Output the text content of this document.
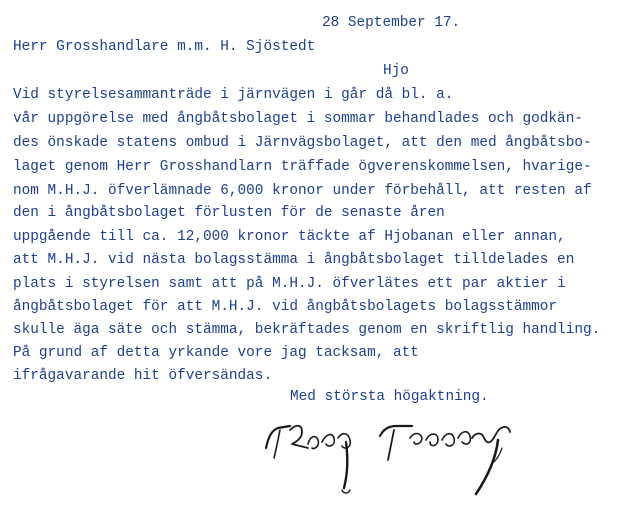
28 September 17.
Herr Grosshandlare m.m. H. Sjöstedt
Hjo
Vid styrelsesammanträde i järnvägen i går då bl. a.
vår uppgörelse med ångbåtsbolaget i sommar behandlades och godkän-
des önskade statens ombud i Järnvägsbolaget, att den med ångbåtsbo-
laget genom Herr Grosshandlarn träffade ögverenskommelsen, hvarige-
nom M.H.J. öfverlämnade 6,000 kronor under förbehåll, att resten af
den i ångbåtsbolaget förlusten för de senaste åren
uppgående till ca. 12,000 kronor täckte af Hjobanan eller annan,
att M.H.J. vid nästa bolagsstämma i ångbåtsbolaget tilldelades en
plats i styrelsen samt att på M.H.J. öfverlätes ett par aktier i
ångbåtsbolaget för att M.H.J. vid ångbåtsbolagets bolagsstämmor
skulle äga säte och stämma, bekräftades genom en skriftlig handling.
På grund af detta yrkande vore jag tacksam, att
ifrågavarande hit öfversändas.
Med största högaktning.
